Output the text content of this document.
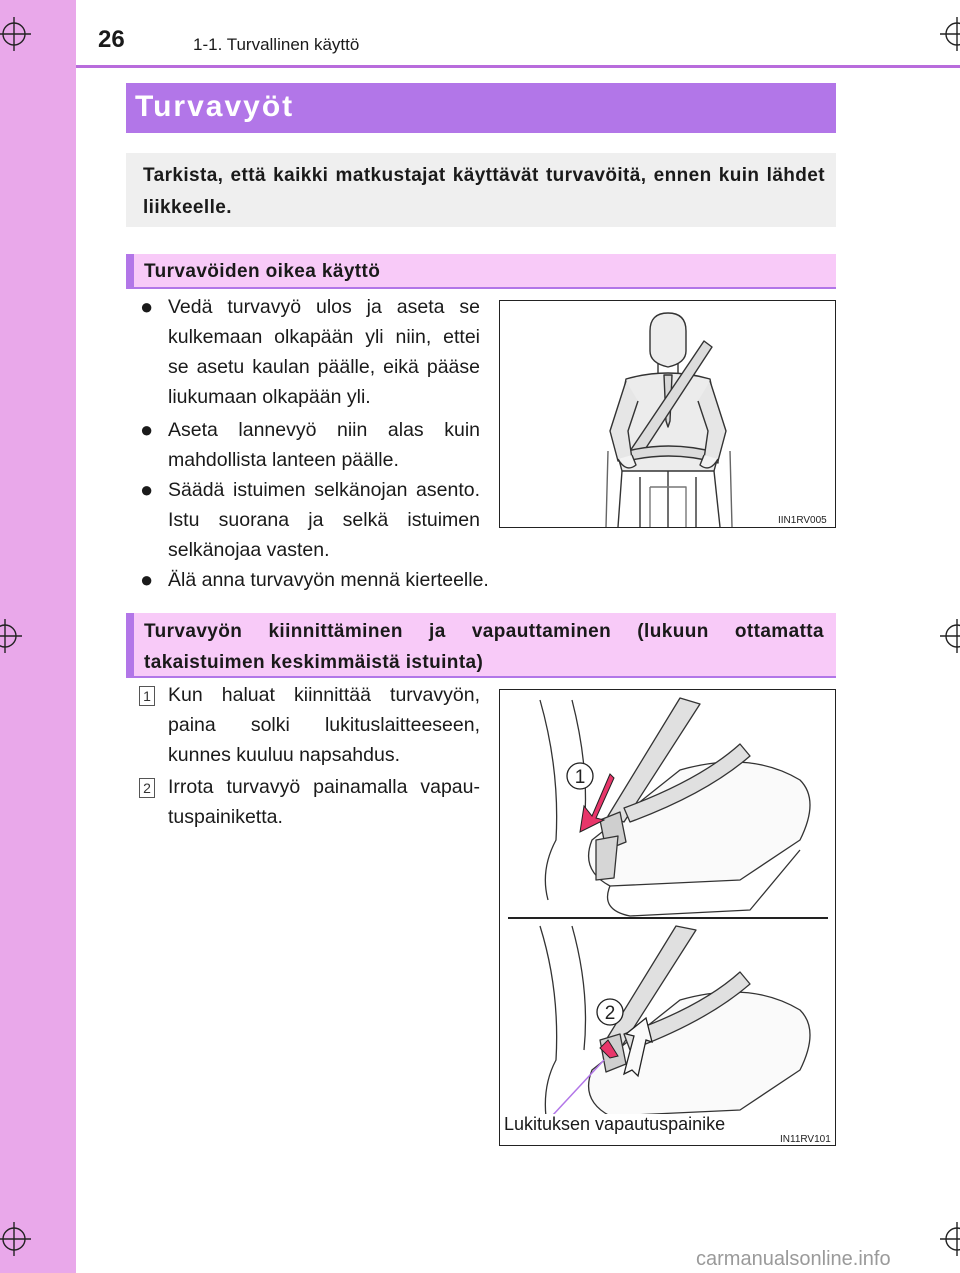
26	1-1. Turvallinen käyttö
Turvavyöt
Tarkista, että kaikki matkustajat käyttävät turvavöitä, ennen kuin lähdet liikkeelle.
Turvavöiden oikea käyttö
● Vedä turvavyö ulos ja aseta se kulkemaan olkapään yli niin, ettei se asetu kaulan päälle, eikä pääse liukumaan olkapään yli.
● Aseta lannevyö niin alas kuin mahdollista lanteen päälle.
● Säädä istuimen selkänojan asento. Istu suorana ja selkä istuimen selkänojaa vasten.
● Älä anna turvavyön mennä kierteelle.
IIN1RV005
Turvavyön kiinnittäminen ja vapauttaminen (lukuun ottamatta takaistuimen keskimmäistä istuinta)
1 Kun haluat kiinnittää turvavyön, paina solki lukituslaitteeseen, kunnes kuuluu napsahdus.
2 Irrota turvavyö painamalla vapau-tuspainiketta.
1
2
IN11RV101
Lukituksen vapautuspainike
carmanualsonline.info
